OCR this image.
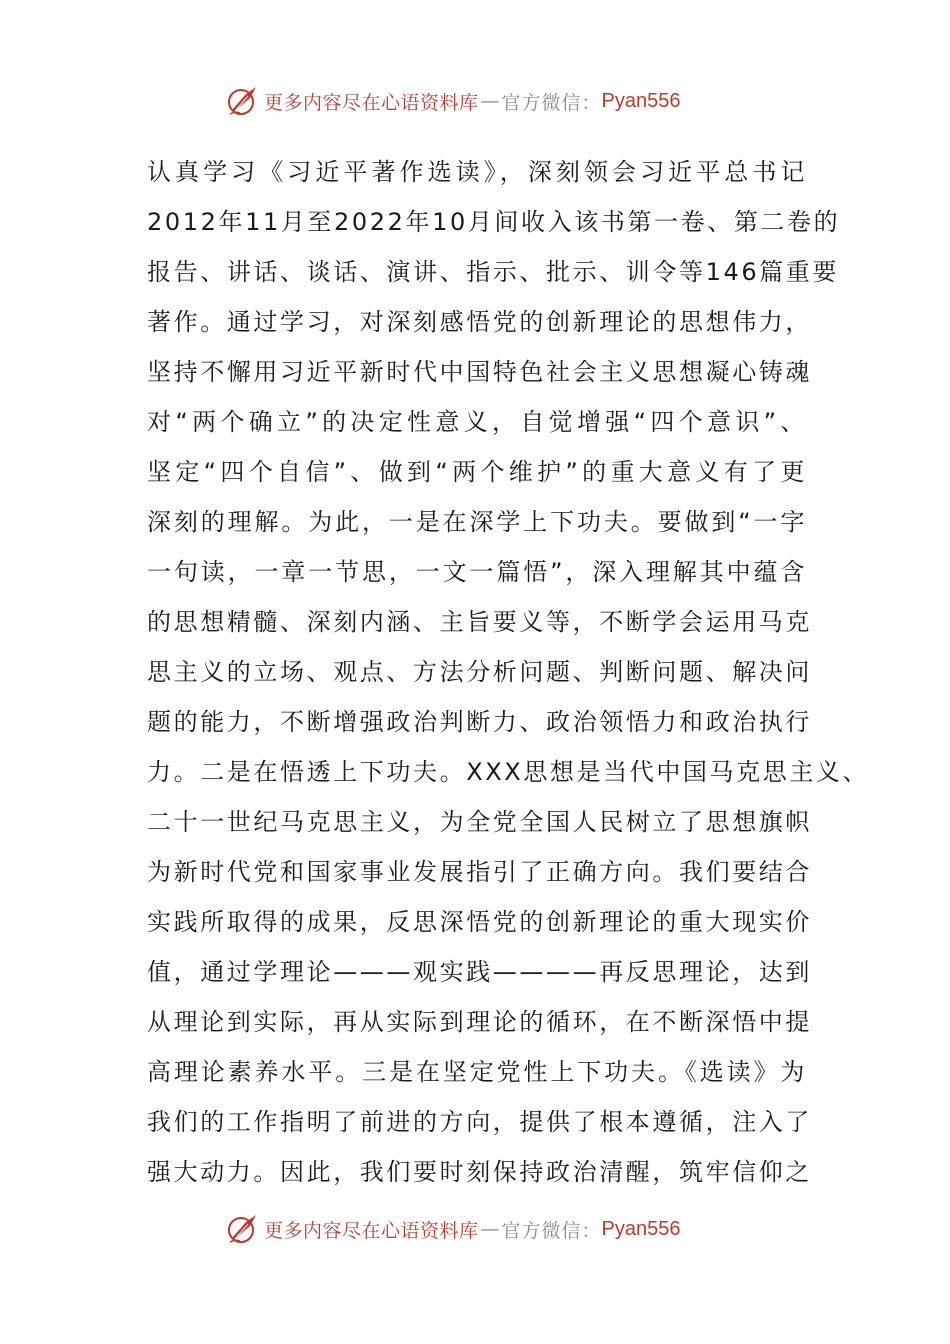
更多内容尽在心语资料库 — 官方微信： Pyan556
认真学习《习近平著作选读》，深刻领会习近平总书记
2012年11月至2022年10月间收入该书第一卷、第二卷的
报告、讲话、谈话、演讲、指示、批示、训令等146篇重要
著作。通过学习，对深刻感悟党的创新理论的思想伟力，
坚持不懈用习近平新时代中国特色社会主义思想凝心铸魂
对“两个确立”的决定性意义，自觉增强“四个意识”、
坚定“四个自信”、做到“两个维护”的重大意义有了更
深刻的理解。为此，一是在深学上下功夫。要做到“一字
一句读，一章一节思，一文一篇悟”，深入理解其中蕴含
的思想精髓、深刻内涵、主旨要义等，不断学会运用马克
思主义的立场、观点、方法分析问题、判断问题、解决问
题的能力，不断增强政治判断力、政治领悟力和政治执行
力。二是在悟透上下功夫。XXX思想是当代中国马克思主义、
二十一世纪马克思主义，为全党全国人民树立了思想旗帜
为新时代党和国家事业发展指引了正确方向。我们要结合
实践所取得的成果，反思深悟党的创新理论的重大现实价
值，通过学理论———观实践————再反思理论，达到
从理论到实际，再从实际到理论的循环，在不断深悟中提
高理论素养水平。三是在坚定党性上下功夫。《选读》为
我们的工作指明了前进的方向，提供了根本遵循，注入了
强大动力。因此，我们要时刻保持政治清醒，筑牢信仰之
更多内容尽在心语资料库 — 官方微信： Pyan556
